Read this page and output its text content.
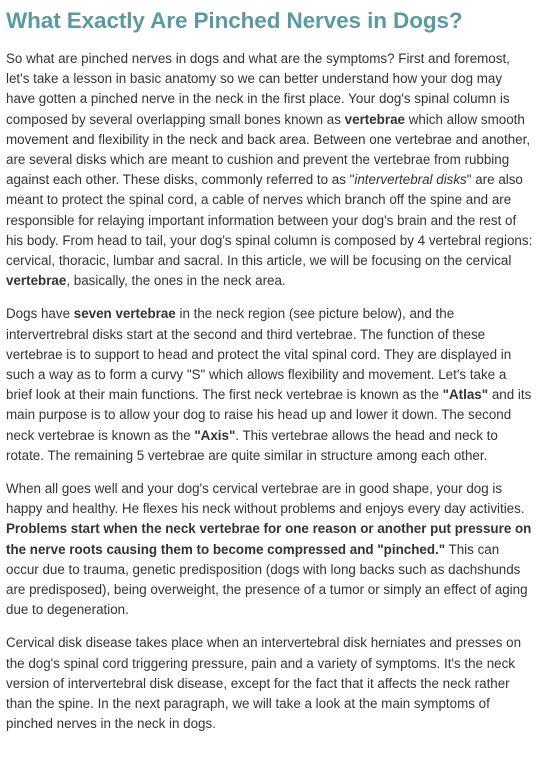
What Exactly Are Pinched Nerves in Dogs?

So what are pinched nerves in dogs and what are the symptoms? First and foremost, let's take a lesson in basic anatomy so we can better understand how your dog may have gotten a pinched nerve in the neck in the first place. Your dog's spinal column is composed by several overlapping small bones known as vertebrae which allow smooth movement and flexibility in the neck and back area. Between one vertebrae and another, are several disks which are meant to cushion and prevent the vertebrae from rubbing against each other. These disks, commonly referred to as "intervertebral disks" are also meant to protect the spinal cord, a cable of nerves which branch off the spine and are responsible for relaying important information between your dog's brain and the rest of his body. From head to tail, your dog's spinal column is composed by 4 vertebral regions: cervical, thoracic, lumbar and sacral. In this article, we will be focusing on the cervical vertebrae, basically, the ones in the neck area.

Dogs have seven vertebrae in the neck region (see picture below), and the intervertrebral disks start at the second and third vertebrae. The function of these vertebrae is to support to head and protect the vital spinal cord. They are displayed in such a way as to form a curvy "S" which allows flexibility and movement. Let's take a brief look at their main functions. The first neck vertebrae is known as the "Atlas" and its main purpose is to allow your dog to raise his head up and lower it down. The second neck vertebrae is known as the "Axis". This vertebrae allows the head and neck to rotate. The remaining 5 vertebrae are quite similar in structure among each other.

When all goes well and your dog's cervical vertebrae are in good shape, your dog is happy and healthy. He flexes his neck without problems and enjoys every day activities. Problems start when the neck vertebrae for one reason or another put pressure on the nerve roots causing them to become compressed and "pinched." This can occur due to trauma, genetic predisposition (dogs with long backs such as dachshunds are predisposed), being overweight, the presence of a tumor or simply an effect of aging due to degeneration.

Cervical disk disease takes place when an intervertebral disk herniates and presses on the dog's spinal cord triggering pressure, pain and a variety of symptoms. It's the neck version of intervertebral disk disease, except for the fact that it affects the neck rather than the spine. In the next paragraph, we will take a look at the main symptoms of pinched nerves in the neck in dogs.
